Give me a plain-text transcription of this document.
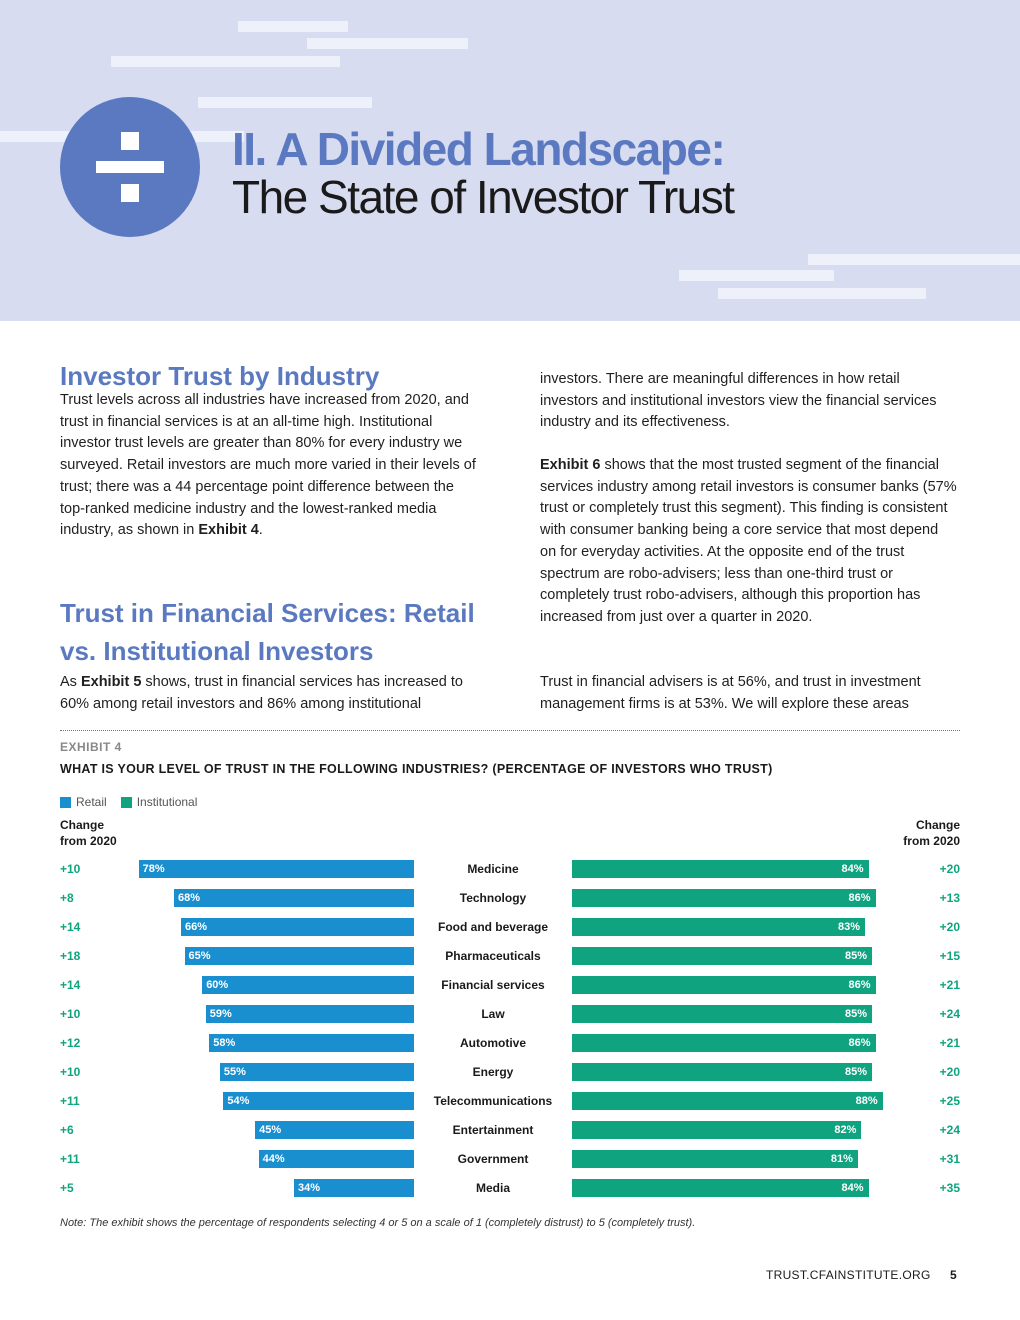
II. A Divided Landscape:
The State of Investor Trust
Investor Trust by Industry

Trust levels across all industries have increased from 2020, and trust in financial services is at an all-time high. Institutional investor trust levels are greater than 80% for every industry we surveyed. Retail investors are much more varied in their levels of trust; there was a 44 percentage point difference between the top-ranked medicine industry and the lowest-ranked media industry, as shown in Exhibit 4.

Trust in Financial Services: Retail vs. Institutional Investors

As Exhibit 5 shows, trust in financial services has increased to 60% among retail investors and 86% among institutional

investors. There are meaningful differences in how retail investors and institutional investors view the financial services industry and its effectiveness.

Exhibit 6 shows that the most trusted segment of the financial services industry among retail investors is consumer banks (57% trust or completely trust this segment). This finding is consistent with consumer banking being a core service that most depend on for everyday activities. At the opposite end of the trust spectrum are robo-advisers; less than one-third trust or completely trust robo-advisers, although this proportion has increased from just over a quarter in 2020.

Trust in financial advisers is at 56%, and trust in investment management firms is at 53%. We will explore these areas

EXHIBIT 4
WHAT IS YOUR LEVEL OF TRUST IN THE FOLLOWING INDUSTRIES? (PERCENTAGE OF INVESTORS WHO TRUST)
Retail	Institutional
Change
from 2020
Change
from 2020
+10	78%	Medicine	84%	+20
+8	68%	Technology	86%	+13
+14	66%	Food and beverage	83%	+20
+18	65%	Pharmaceuticals	85%	+15
+14	60%	Financial services	86%	+21
+10	59%	Law	85%	+24
+12	58%	Automotive	86%	+21
+10	55%	Energy	85%	+20
+11	54%	Telecommunications	88%	+25
+6	45%	Entertainment	82%	+24
+11	44%	Government	81%	+31
+5	34%	Media	84%	+35
Note: The exhibit shows the percentage of respondents selecting 4 or 5 on a scale of 1 (completely distrust) to 5 (completely trust).
TRUST.CFAINSTITUTE.ORG 5
